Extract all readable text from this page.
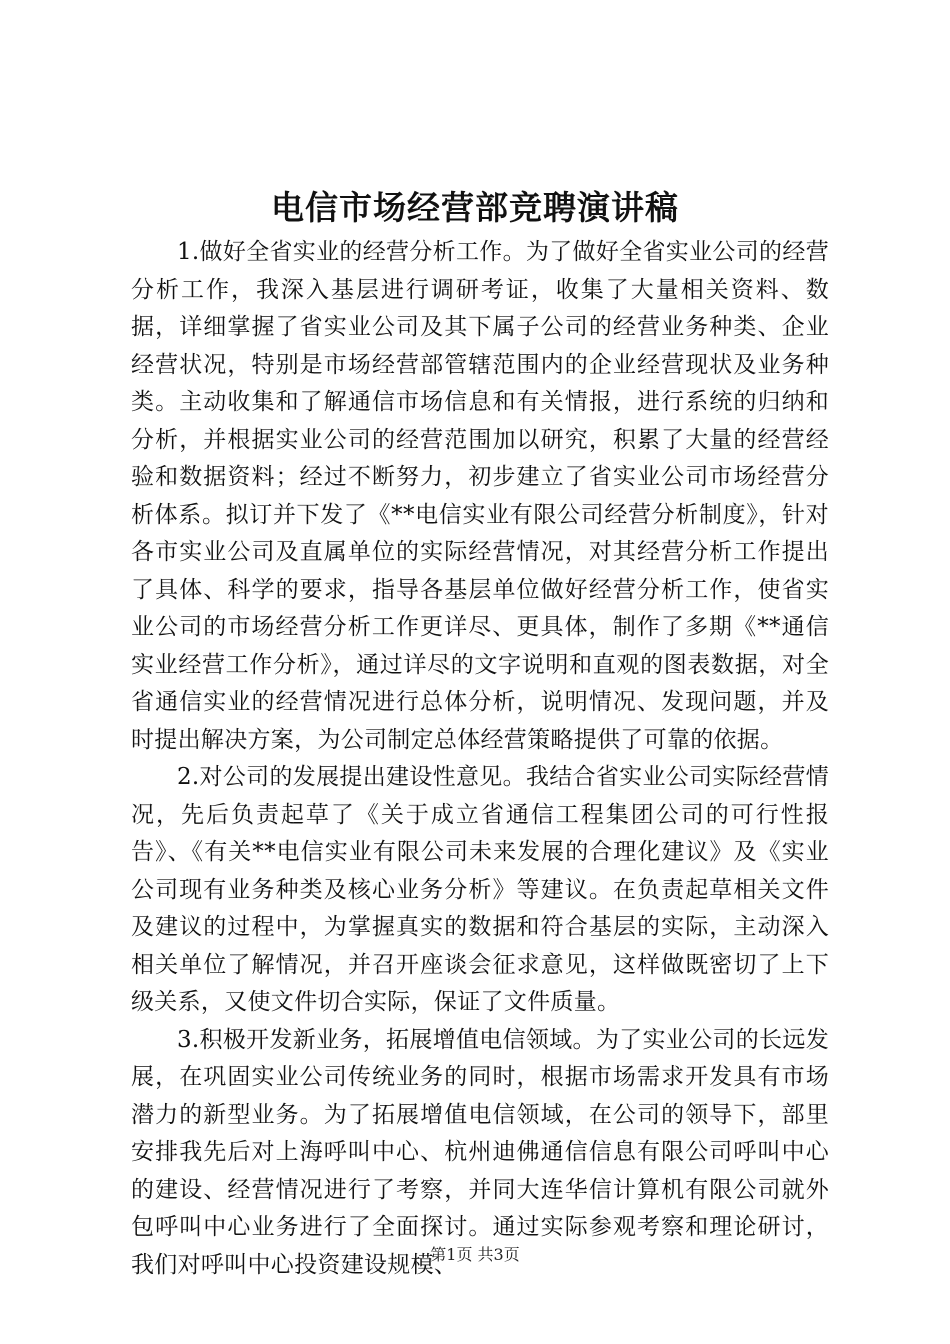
电信市场经营部竞聘演讲稿

1.做好全省实业的经营分析工作。为了做好全省实业公司的经营分析工作，我深入基层进行调研考证，收集了大量相关资料、数据，详细掌握了省实业公司及其下属子公司的经营业务种类、企业经营状况，特别是市场经营部管辖范围内的企业经营现状及业务种类。主动收集和了解通信市场信息和有关情报，进行系统的归纳和分析，并根据实业公司的经营范围加以研究，积累了大量的经营经验和数据资料；经过不断努力，初步建立了省实业公司市场经营分析体系。拟订并下发了《**电信实业有限公司经营分析制度》，针对各市实业公司及直属单位的实际经营情况，对其经营分析工作提出了具体、科学的要求，指导各基层单位做好经营分析工作，使省实业公司的市场经营分析工作更详尽、更具体，制作了多期《**通信实业经营工作分析》，通过详尽的文字说明和直观的图表数据，对全省通信实业的经营情况进行总体分析，说明情况、发现问题，并及时提出解决方案，为公司制定总体经营策略提供了可靠的依据。

2.对公司的发展提出建设性意见。我结合省实业公司实际经营情况，先后负责起草了《关于成立省通信工程集团公司的可行性报告》、《有关**电信实业有限公司未来发展的合理化建议》及《实业公司现有业务种类及核心业务分析》等建议。在负责起草相关文件及建议的过程中，为掌握真实的数据和符合基层的实际，主动深入相关单位了解情况，并召开座谈会征求意见，这样做既密切了上下级关系，又使文件切合实际，保证了文件质量。

3.积极开发新业务，拓展增值电信领域。为了实业公司的长远发展，在巩固实业公司传统业务的同时，根据市场需求开发具有市场潜力的新型业务。为了拓展增值电信领域，在公司的领导下，部里安排我先后对上海呼叫中心、杭州迪佛通信信息有限公司呼叫中心的建设、经营情况进行了考察，并同大连华信计算机有限公司就外包呼叫中心业务进行了全面探讨。通过实际参观考察和理论研讨，我们对呼叫中心投资建设规模、

第1页 共3页
